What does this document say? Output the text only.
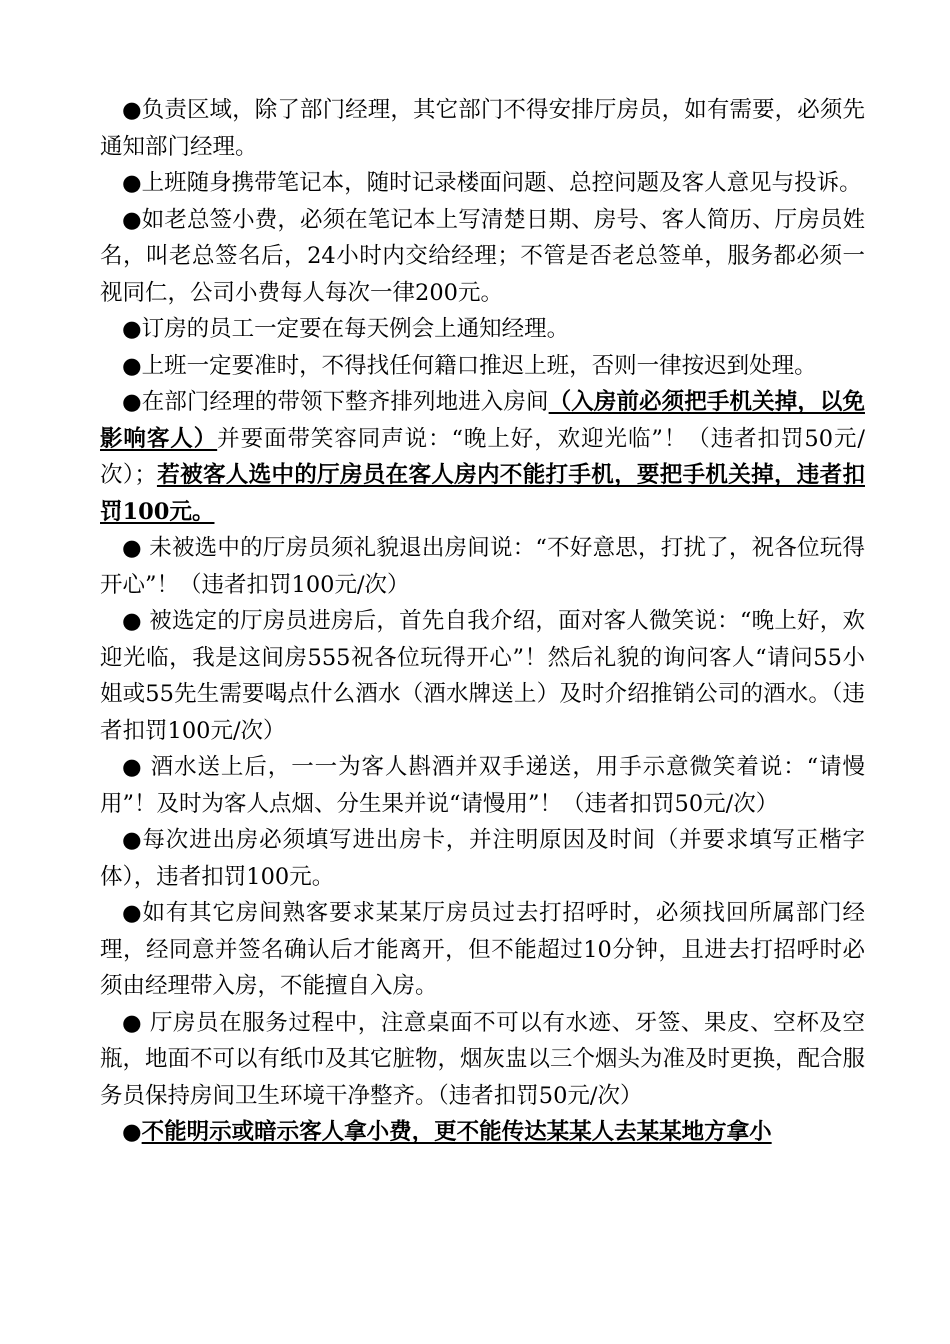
●负责区域，除了部门经理，其它部门不得安排厅房员，如有需要，必须先通知部门经理。

●上班随身携带笔记本，随时记录楼面问题、总控问题及客人意见与投诉。

●如老总签小费，必须在笔记本上写清楚日期、房号、客人简历、厅房员姓名，叫老总签名后，24小时内交给经理；不管是否老总签单，服务都必须一视同仁，公司小费每人每次一律200元。

●订房的员工一定要在每天例会上通知经理。

●上班一定要准时，不得找任何籍口推迟上班，否则一律按迟到处理。

●在部门经理的带领下整齐排列地进入房间（入房前必须把手机关掉，以免影响客人）并要面带笑容同声说：“晚上好，欢迎光临”！（违者扣罚50元/次）；若被客人选中的厅房员在客人房内不能打手机，要把手机关掉，违者扣罚100元。

● 未被选中的厅房员须礼貌退出房间说：“不好意思，打扰了，祝各位玩得开心”！（违者扣罚100元/次）

● 被选定的厅房员进房后，首先自我介绍，面对客人微笑说：“晚上好，欢迎光临，我是这间房555祝各位玩得开心”！然后礼貌的询问客人“请问55小姐或55先生需要喝点什么酒水（酒水牌送上）及时介绍推销公司的酒水。（违者扣罚100元/次）

● 酒水送上后，一一为客人斟酒并双手递送，用手示意微笑着说：“请慢用”！及时为客人点烟、分生果并说“请慢用”！（违者扣罚50元/次）

●每次进出房必须填写进出房卡，并注明原因及时间（并要求填写正楷字体），违者扣罚100元。

●如有其它房间熟客要求某某厅房员过去打招呼时，必须找回所属部门经理，经同意并签名确认后才能离开，但不能超过10分钟，且进去打招呼时必须由经理带入房，不能擅自入房。

● 厅房员在服务过程中，注意桌面不可以有水迹、牙签、果皮、空杯及空瓶，地面不可以有纸巾及其它脏物，烟灰盅以三个烟头为准及时更换，配合服务员保持房间卫生环境干净整齐。（违者扣罚50元/次）

●不能明示或暗示客人拿小费，更不能传达某某人去某某地方拿小
